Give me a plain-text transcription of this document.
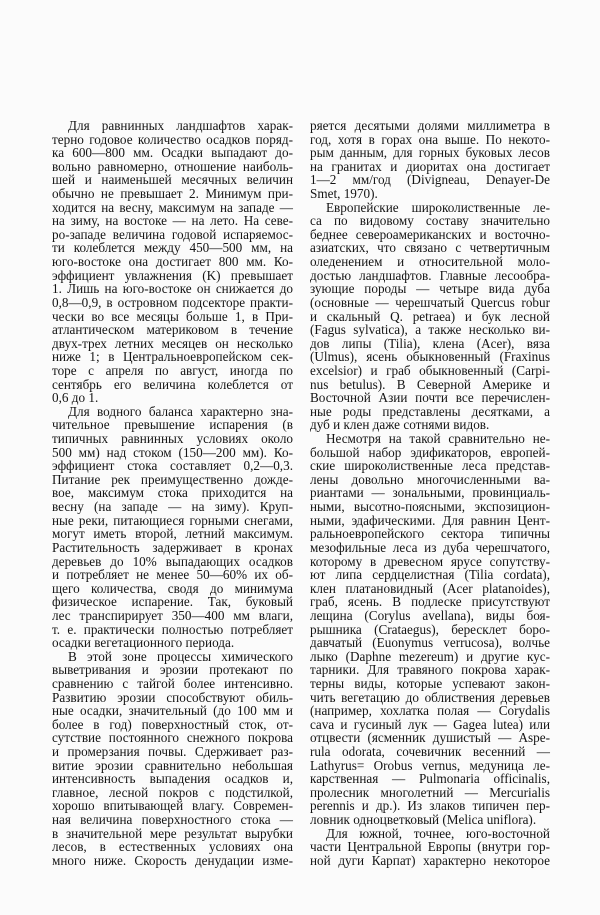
Для равнинных ландшафтов харак-
терно годовое количество осадков поряд-
ка 600—800 мм. Осадки выпадают до-
вольно равномерно, отношение наиболь-
шей и наименьшей месячных величин
обычно не превышает 2. Минимум при-
ходится на весну, максимум на западе —
на зиму, на востоке — на лето. На севе-
ро-западе величина годовой испаряемос-
ти колеблется между 450—500 мм, на
юго-востоке она достигает 800 мм. Ко-
эффициент увлажнения (K) превышает
1. Лишь на юго-востоке он снижается до
0,8—0,9, в островном подсекторе практи-
чески во все месяцы больше 1, в При-
атлантическом материковом в течение
двух-трех летних месяцев он несколько
ниже 1; в Центральноевропейском сек-
торе с апреля по август, иногда по
сентябрь его величина колеблется от
0,6 до 1.
Для водного баланса характерно зна-
чительное превышение испарения (в
типичных равнинных условиях около
500 мм) над стоком (150—200 мм). Ко-
эффициент стока составляет 0,2—0,3.
Питание рек преимущественно дожде-
вое, максимум стока приходится на
весну (на западе — на зиму). Круп-
ные реки, питающиеся горными снегами,
могут иметь второй, летний максимум.
Растительность задерживает в кронах
деревьев до 10% выпадающих осадков
и потребляет не менее 50—60% их об-
щего количества, сводя до минимума
физическое испарение. Так, буковый
лес транспирирует 350—400 мм влаги,
т. е. практически полностью потребляет
осадки вегетационного периода.
В этой зоне процессы химического
выветривания и эрозии протекают по
сравнению с тайгой более интенсивно.
Развитию эрозии способствуют обиль-
ные осадки, значительный (до 100 мм и
более в год) поверхностный сток, от-
сутствие постоянного снежного покрова
и промерзания почвы. Сдерживает раз-
витие эрозии сравнительно небольшая
интенсивность выпадения осадков и,
главное, лесной покров с подстилкой,
хорошо впитывающей влагу. Современ-
ная величина поверхностного стока —
в значительной мере результат вырубки
лесов, в естественных условиях она
много ниже. Скорость денудации изме-
ряется десятыми долями миллиметра в
год, хотя в горах она выше. По некото-
рым данным, для горных буковых лесов
на гранитах и диоритах она достигает
1—2 мм/год (Divigneau, Denayer-De
Smet, 1970).
Европейские широколиственные ле-
са по видовому составу значительно
беднее североамериканских и восточно-
азиатских, что связано с четвертичным
оледенением и относительной моло-
достью ландшафтов. Главные лесообра-
зующие породы — четыре вида дуба
(основные — черешчатый Quercus robur
и скальный Q. petraea) и бук лесной
(Fagus sylvatica), а также несколько ви-
дов липы (Tilia), клена (Acer), вяза
(Ulmus), ясень обыкновенный (Fraxinus
excelsior) и граб обыкновенный (Carpi-
nus betulus). В Северной Америке и
Восточной Азии почти все перечислен-
ные роды представлены десятками, а
дуб и клен даже сотнями видов.
Несмотря на такой сравнительно не-
большой набор эдификаторов, европей-
ские широколиственные леса представ-
лены довольно многочисленными ва-
риантами — зональными, провинциаль-
ными, высотно-поясными, экспозицион-
ными, эдафическими. Для равнин Цент-
ральноевропейского сектора типичны
мезофильные леса из дуба черешчатого,
которому в древесном ярусе сопутству-
ют липа сердцелистная (Tilia cordata),
клен платановидный (Acer platanoides),
граб, ясень. В подлеске присутствуют
лещина (Corylus avellana), виды боя-
рышника (Crataegus), бересклет боро-
давчатый (Euonymus verrucosa), волчье
лыко (Daphne mezereum) и другие кус-
тарники. Для травяного покрова харак-
терны виды, которые успевают закон-
чить вегетацию до облиствения деревьев
(например, хохлатка полая — Corydalis
cava и гусиный лук — Gagea lutea) или
отцвести (ясменник душистый — Aspe-
rula odorata, сочевичник весенний —
Lathyrus= Orobus vernus, медуница ле-
карственная — Pulmonaria officinalis,
пролесник многолетний — Mercurialis
perennis и др.). Из злаков типичен пер-
ловник одноцветковый (Melica uniflora).
Для южной, точнее, юго-восточной
части Центральной Европы (внутри гор-
ной дуги Карпат) характерно некоторое
